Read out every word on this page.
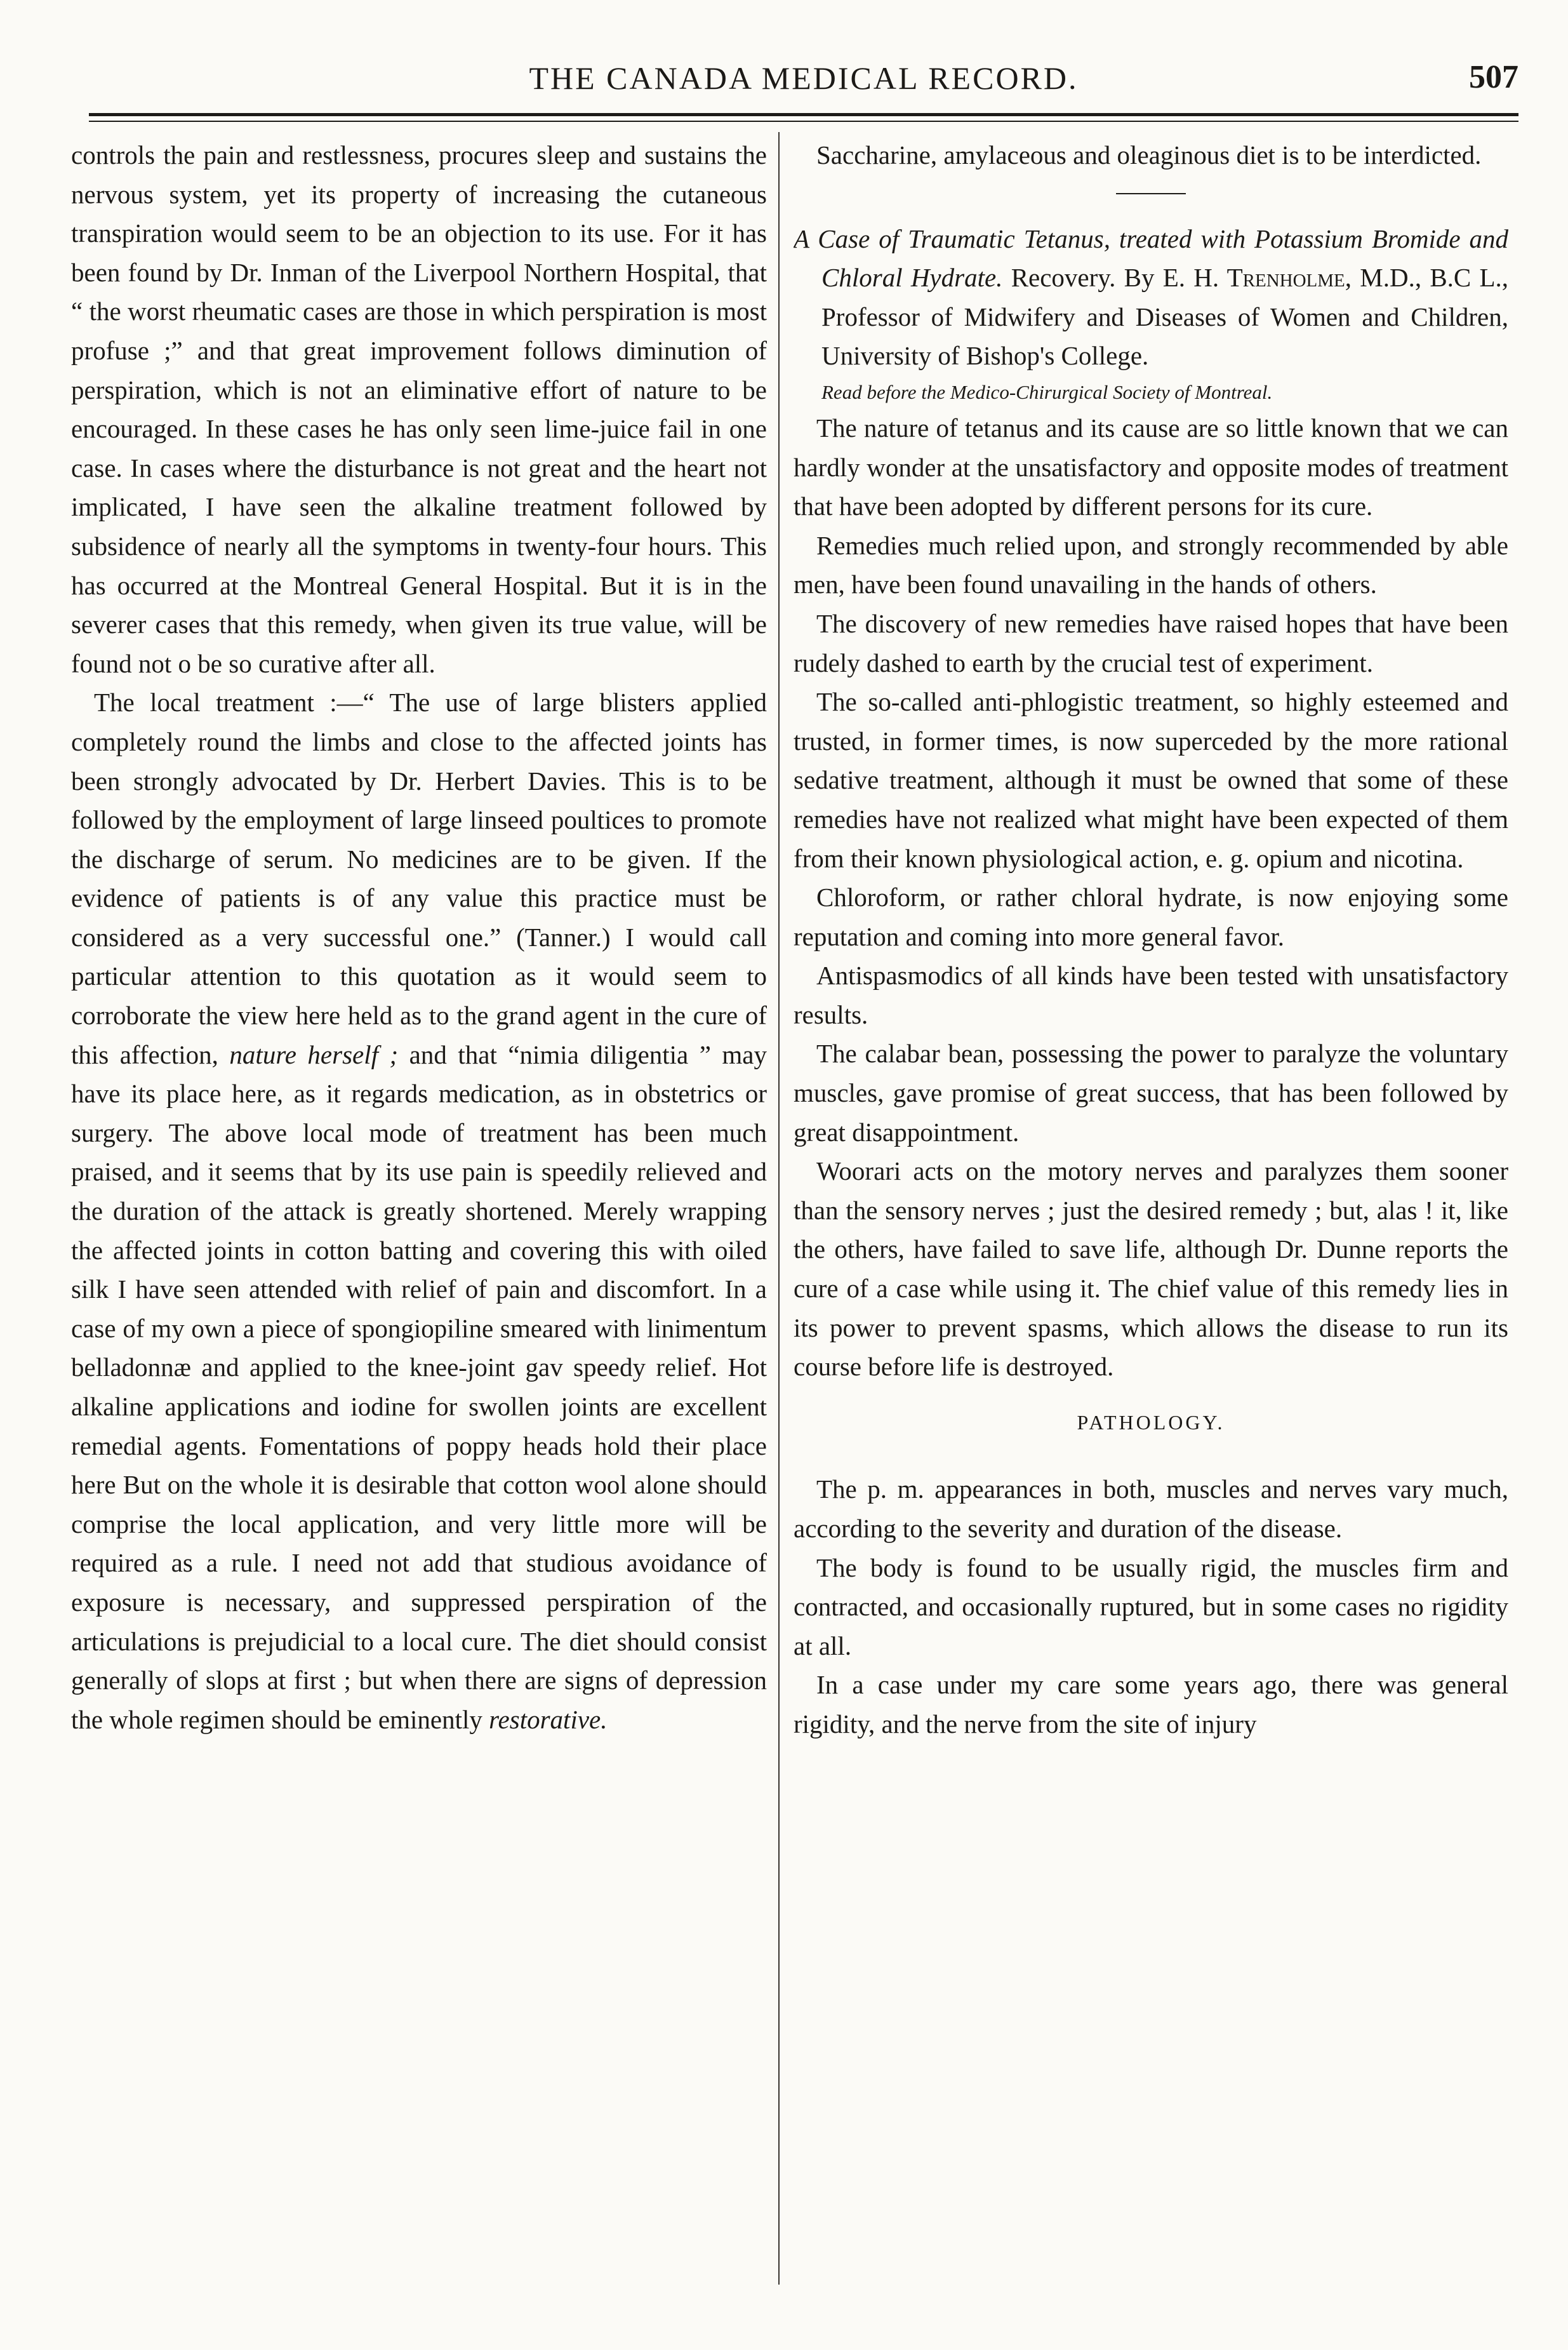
THE CANADA MEDICAL RECORD.	507

controls the pain and restlessness, procures sleep and sustains the nervous system, yet its property of increasing the cutaneous transpiration would seem to be an objection to its use. For it has been found by Dr. Inman of the Liverpool Northern Hospital, that “ the worst rheumatic cases are those in which perspiration is most profuse ;” and that great improvement follows diminution of perspiration, which is not an eliminative effort of nature to be encouraged. In these cases he has only seen lime-juice fail in one case. In cases where the disturbance is not great and the heart not implicated, I have seen the alkaline treatment followed by subsidence of nearly all the symptoms in twenty-four hours. This has occurred at the Montreal General Hospital. But it is in the severer cases that this remedy, when given its true value, will be found not o be so curative after all.

The local treatment :—“ The use of large blisters applied completely round the limbs and close to the affected joints has been strongly advocated by Dr. Herbert Davies. This is to be followed by the employment of large linseed poultices to promote the discharge of serum. No medicines are to be given. If the evidence of patients is of any value this practice must be considered as a very successful one.” (Tanner.) I would call particular attention to this quotation as it would seem to corroborate the view here held as to the grand agent in the cure of this affection, nature herself ; and that “nimia diligentia ” may have its place here, as it regards medication, as in obstetrics or surgery. The above local mode of treatment has been much praised, and it seems that by its use pain is speedily relieved and the duration of the attack is greatly shortened. Merely wrapping the affected joints in cotton batting and covering this with oiled silk I have seen attended with relief of pain and discomfort. In a case of my own a piece of spongiopiline smeared with linimentum belladonnæ and applied to the knee-joint gav speedy relief. Hot alkaline applications and iodine for swollen joints are excellent remedial agents. Fomentations of poppy heads hold their place here But on the whole it is desirable that cotton wool alone should comprise the local application, and very little more will be required as a rule. I need not add that studious avoidance of exposure is necessary, and suppressed perspiration of the articulations is prejudicial to a local cure. The diet should consist generally of slops at first ; but when there are signs of depression the whole regimen should be eminently restorative.

Saccharine, amylaceous and oleaginous diet is to be interdicted.

A Case of Traumatic Tetanus, treated with Potassium Bromide and Chloral Hydrate. Recovery. By E. H. Trenholme, M.D., B.C L., Professor of Midwifery and Diseases of Women and Children, University of Bishop's College.

Read before the Medico-Chirurgical Society of Montreal.

The nature of tetanus and its cause are so little known that we can hardly wonder at the unsatisfactory and opposite modes of treatment that have been adopted by different persons for its cure.

Remedies much relied upon, and strongly recommended by able men, have been found unavailing in the hands of others.

The discovery of new remedies have raised hopes that have been rudely dashed to earth by the crucial test of experiment.

The so-called anti-phlogistic treatment, so highly esteemed and trusted, in former times, is now superceded by the more rational sedative treatment, although it must be owned that some of these remedies have not realized what might have been expected of them from their known physiological action, e. g. opium and nicotina.

Chloroform, or rather chloral hydrate, is now enjoying some reputation and coming into more general favor.

Antispasmodics of all kinds have been tested with unsatisfactory results.

The calabar bean, possessing the power to paralyze the voluntary muscles, gave promise of great success, that has been followed by great disappointment.

Woorari acts on the motory nerves and paralyzes them sooner than the sensory nerves ; just the desired remedy ; but, alas ! it, like the others, have failed to save life, although Dr. Dunne reports the cure of a case while using it. The chief value of this remedy lies in its power to prevent spasms, which allows the disease to run its course before life is destroyed.

PATHOLOGY.

The p. m. appearances in both, muscles and nerves vary much, according to the severity and duration of the disease.

The body is found to be usually rigid, the muscles firm and contracted, and occasionally ruptured, but in some cases no rigidity at all.

In a case under my care some years ago, there was general rigidity, and the nerve from the site of injury
